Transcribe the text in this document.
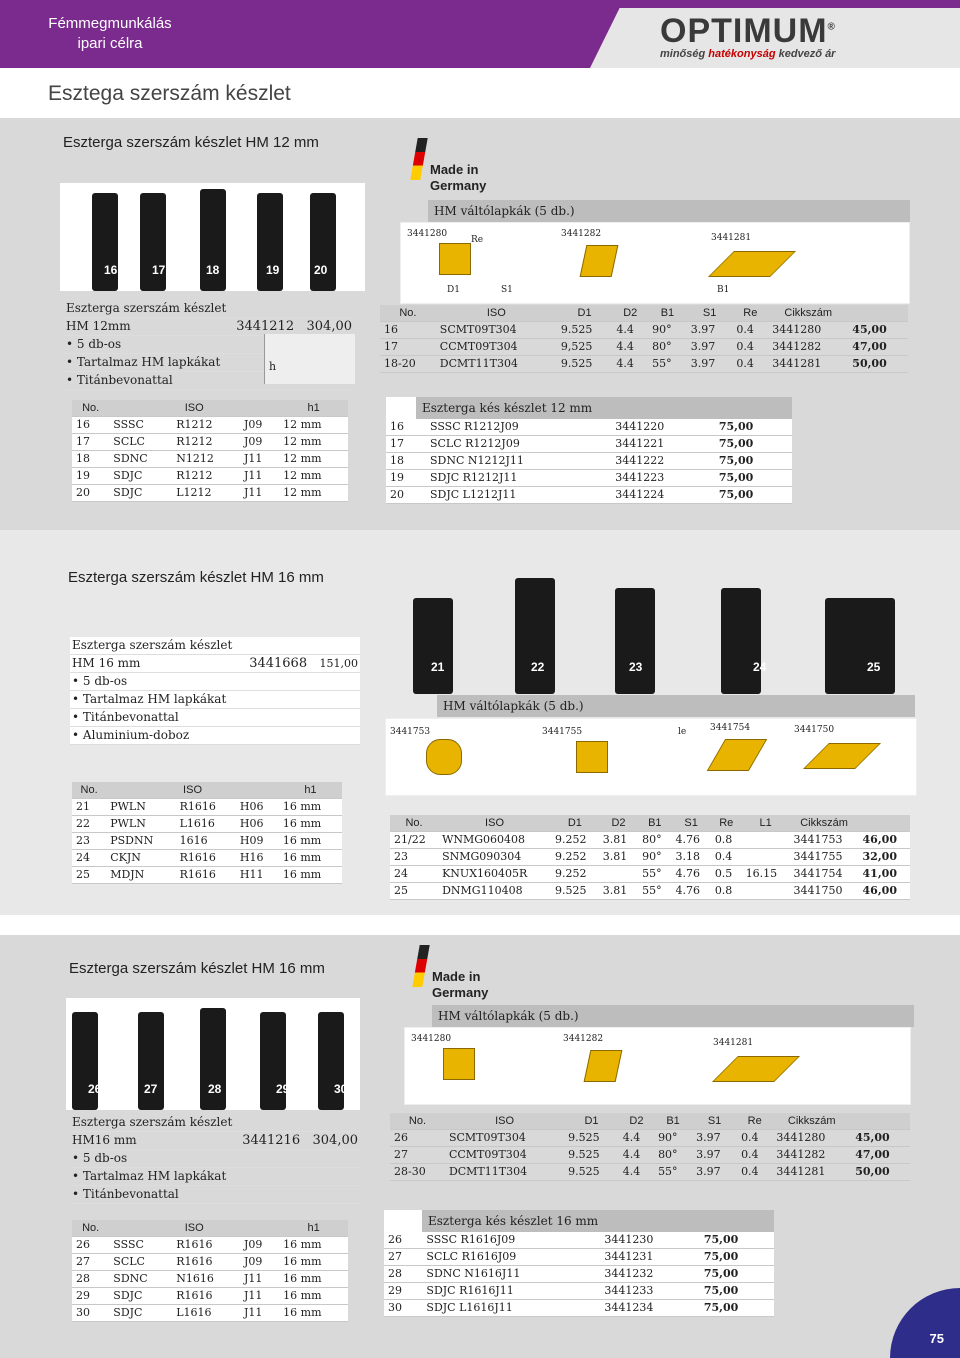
Fémmegmunkálás
ipari célra	OPTIMUM®
minőség hatékonyság kedvező ár
Esztega szerszám készlet
Eszterga szerszám készlet HM 12 mm
16	17	18	19	20
Made in
Germany
HM váltólapkák (5 db.)
3441280	3441282	3441281
Re
D1	S1	B1
Eszterga szerszám készlet	
HM 12mm	3441212 304,00
• 5 db-os	
• Tartalmaz HM lapkákat	
• Titánbevonattal	
h
No.	ISO	D1	D2	B1	S1	Re	Cikkszám	
16	SCMT09T304	9.525	4.4	90°	3.97	0.4	3441280	45,00
17	CCMT09T304	9,525	4.4	80°	3.97	0.4	3441282	47,00
18-20	DCMT11T304	9.525	4.4	55°	3.97	0.4	3441281	50,00
No.	ISO			h1
16	SSSC	R1212	J09	12 mm
17	SCLC	R1212	J09	12 mm
18	SDNC	N1212	J11	12 mm
19	SDJC	R1212	J11	12 mm
20	SDJC	L1212	J11	12 mm
Eszterga kés készlet 12 mm
16	SSSC R1212J09	3441220	75,00
17	SCLC R1212J09	3441221	75,00
18	SDNC N1212J11	3441222	75,00
19	SDJC R1212J11	3441223	75,00
20	SDJC L1212J11	3441224	75,00
Eszterga szerszám készlet HM 16 mm
21	22	23	24	25
Eszterga szerszám készlet	
HM 16 mm	3441668 151,00
• 5 db-os	
• Tartalmaz HM lapkákat	
• Titánbevonattal	
• Aluminium-doboz	
HM váltólapkák (5 db.)
3441753	3441755	3441754	3441750
le
No.	ISO			h1
21	PWLN	R1616	H06	16 mm
22	PWLN	L1616	H06	16 mm
23	PSDNN	1616	H09	16 mm
24	CKJN	R1616	H16	16 mm
25	MDJN	R1616	H11	16 mm
No.	ISO	D1	D2	B1	S1	Re	L1	Cikkszám	
21/22	WNMG060408	9.252	3.81	80°	4.76	0.8		3441753	46,00
23	SNMG090304	9.252	3.81	90°	3.18	0.4		3441755	32,00
24	KNUX160405R	9.252		55°	4.76	0.5	16.15	3441754	41,00
25	DNMG110408	9.525	3.81	55°	4.76	0.8		3441750	46,00
Eszterga szerszám készlet HM 16 mm
26	27	28	29	30
Made in
Germany
HM váltólapkák (5 db.)
3441280	3441282	3441281
Eszterga szerszám készlet	
HM16 mm	3441216 304,00
• 5 db-os	
• Tartalmaz HM lapkákat	
• Titánbevonattal	
No.	ISO	D1	D2	B1	S1	Re	Cikkszám	
26	SCMT09T304	9.525	4.4	90°	3.97	0.4	3441280	45,00
27	CCMT09T304	9.525	4.4	80°	3.97	0.4	3441282	47,00
28-30	DCMT11T304	9.525	4.4	55°	3.97	0.4	3441281	50,00
No.	ISO			h1
26	SSSC	R1616	J09	16 mm
27	SCLC	R1616	J09	16 mm
28	SDNC	N1616	J11	16 mm
29	SDJC	R1616	J11	16 mm
30	SDJC	L1616	J11	16 mm
Eszterga kés készlet 16 mm
26	SSSC R1616J09	3441230	75,00
27	SCLC R1616J09	3441231	75,00
28	SDNC N1616J11	3441232	75,00
29	SDJC R1616J11	3441233	75,00
30	SDJC L1616J11	3441234	75,00
75
